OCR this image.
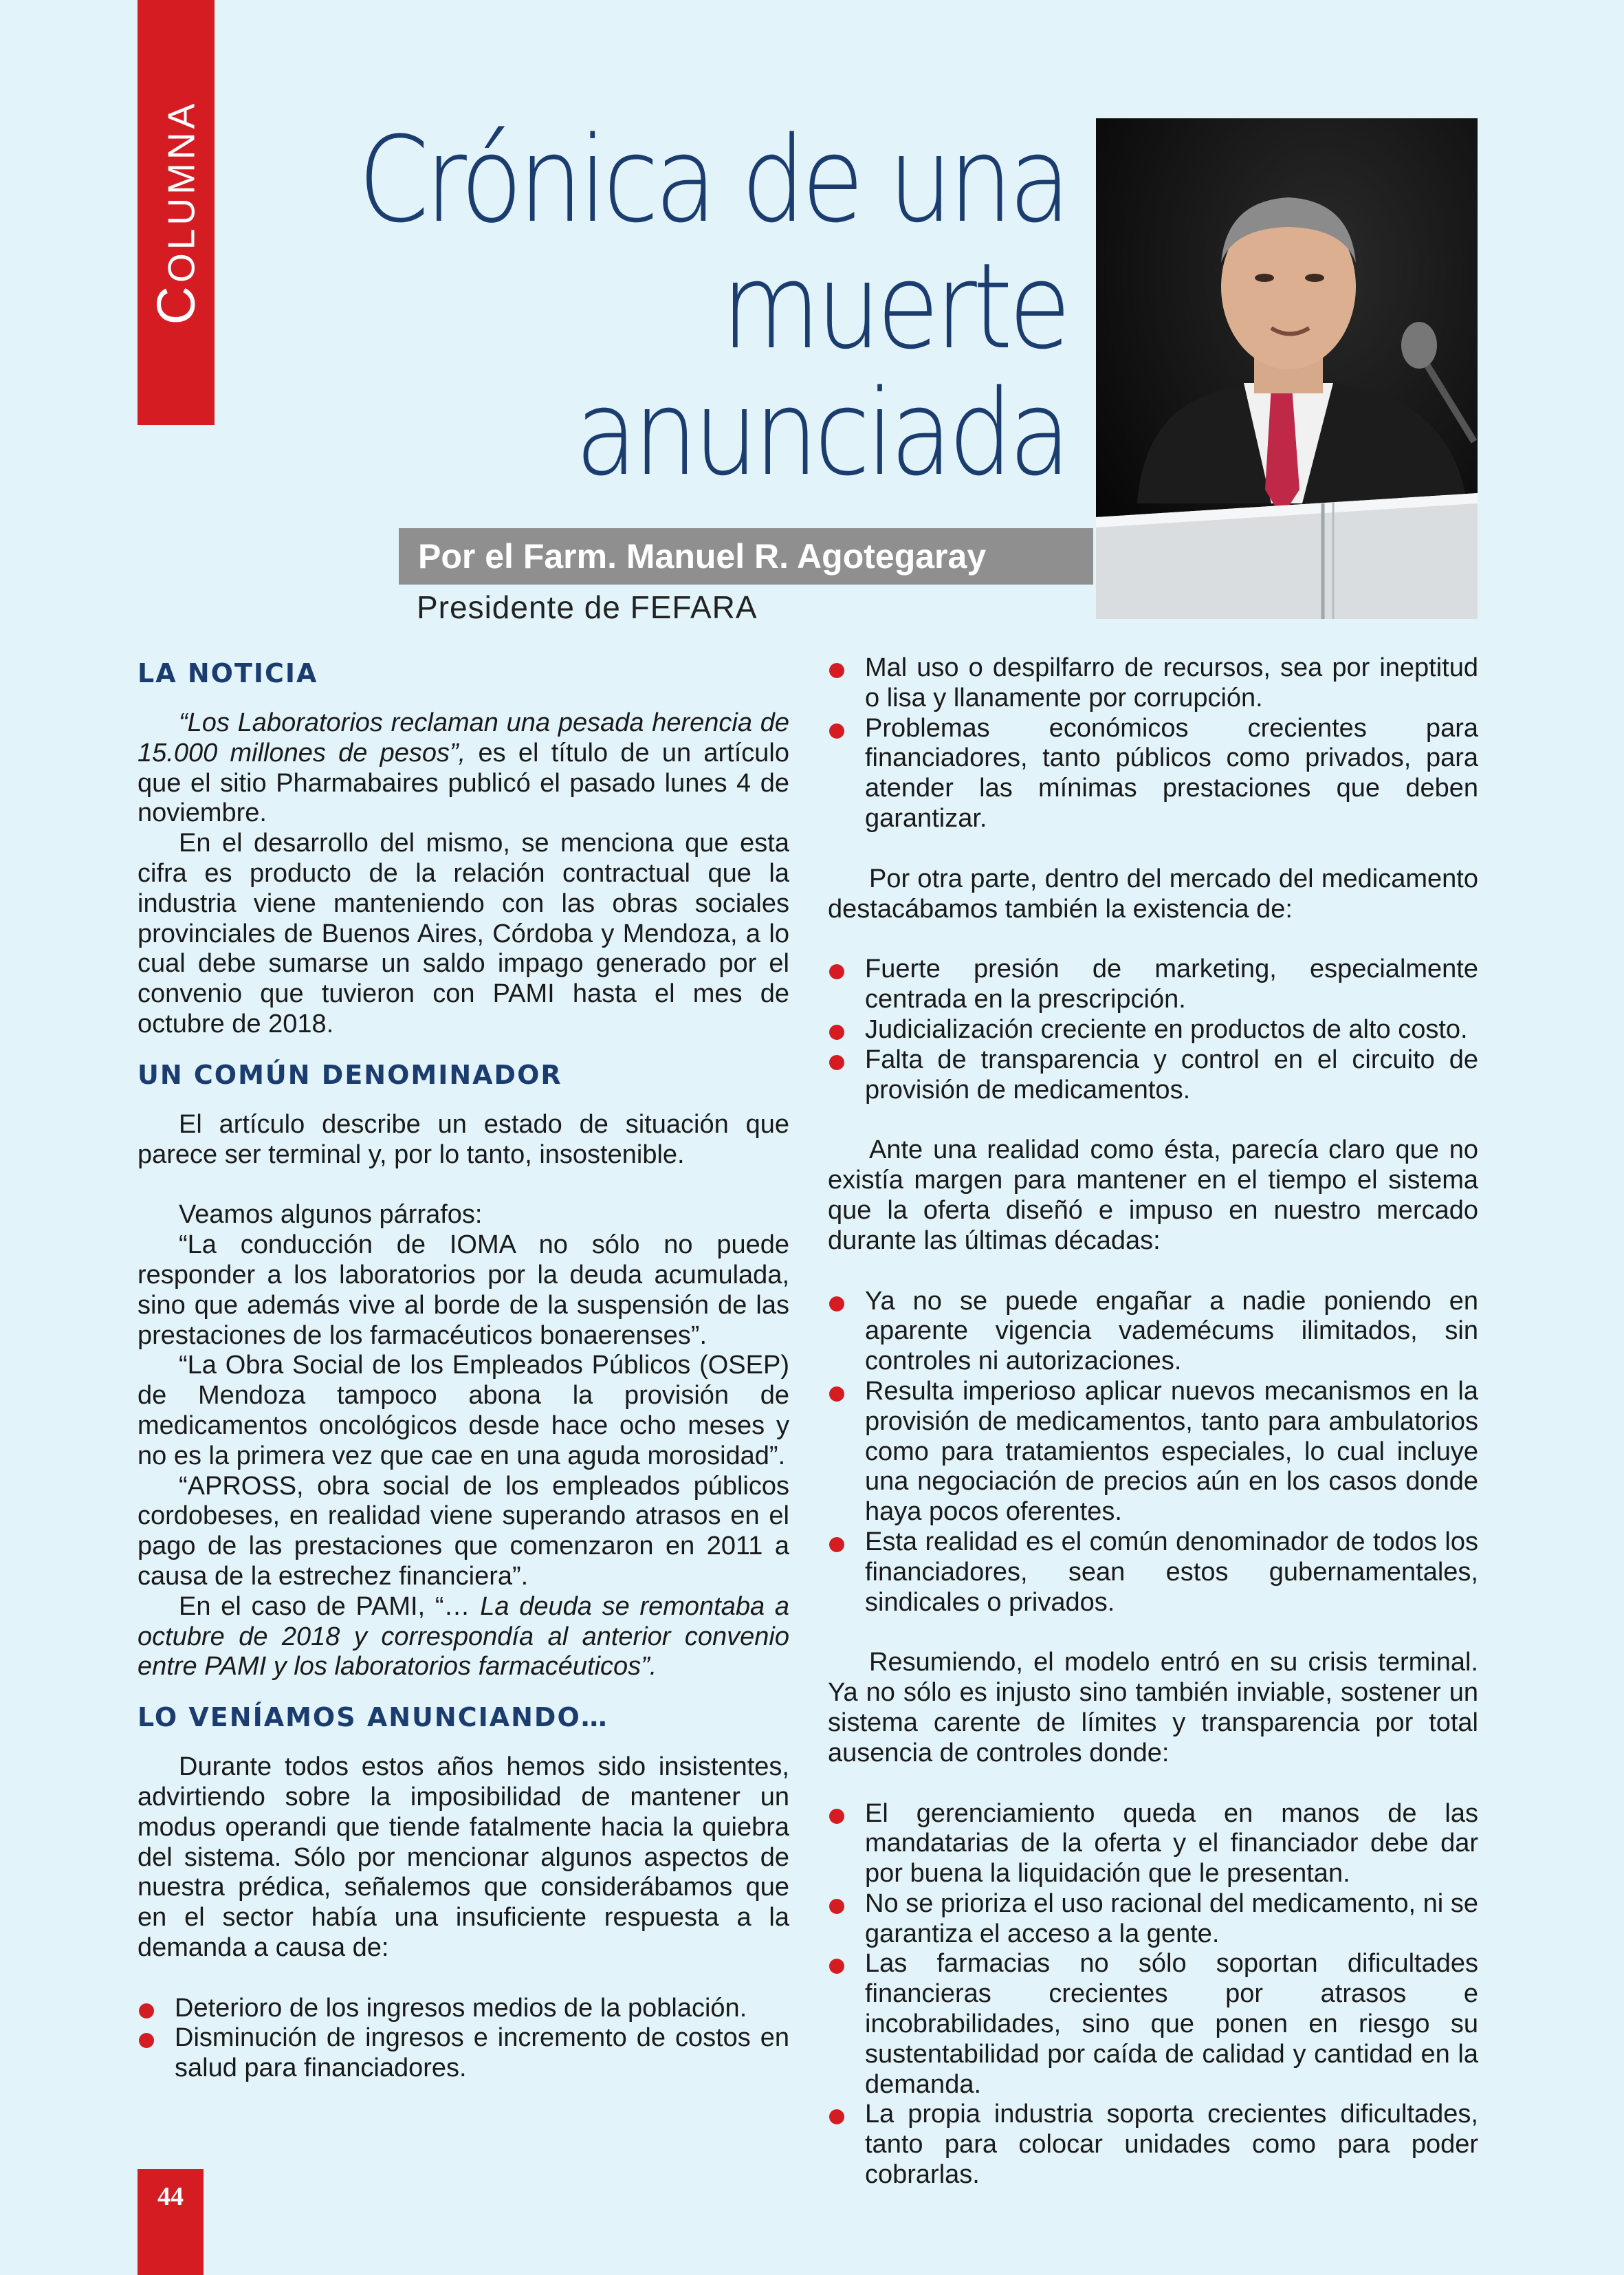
Columna Crónica de una
muerte
anunciada
Por el Farm. Manuel R. Agotegaray
Presidente de FEFARA
LA NOTICIA

“Los Laboratorios reclaman una pesada herencia de 15.000 millones de pesos”, es el título de un artículo que el sitio Pharmabaires publicó el pasado lunes 4 de noviembre.

En el desarrollo del mismo, se menciona que esta cifra es producto de la relación contractual que la industria viene manteniendo con las obras sociales provinciales de Buenos Aires, Córdoba y Mendoza, a lo cual debe sumarse un saldo impago generado por el convenio que tuvieron con PAMI hasta el mes de octubre de 2018.

UN COMÚN DENOMINADOR

El artículo describe un estado de situación que parece ser terminal y, por lo tanto, insostenible.

Veamos algunos párrafos:

“La conducción de IOMA no sólo no puede responder a los laboratorios por la deuda acumulada, sino que además vive al borde de la suspensión de las prestaciones de los farmacéuticos bonaerenses”.

“La Obra Social de los Empleados Públicos (OSEP) de Mendoza tampoco abona la provisión de medicamentos oncológicos desde hace ocho meses y no es la primera vez que cae en una aguda morosidad”.

“APROSS, obra social de los empleados públicos cordobeses, en realidad viene superando atrasos en el pago de las prestaciones que comenzaron en 2011 a causa de la estrechez financiera”.

En el caso de PAMI, “… La deuda se remontaba a octubre de 2018 y correspondía al anterior convenio entre PAMI y los laboratorios farmacéuticos”.

LO VENÍAMOS ANUNCIANDO…

Durante todos estos años hemos sido insistentes, advirtiendo sobre la imposibilidad de mantener un modus operandi que tiende fatalmente hacia la quiebra del sistema. Sólo por mencionar algunos aspectos de nuestra prédica, señalemos que considerábamos que en el sector había una insuficiente respuesta a la demanda a causa de:

Deterioro de los ingresos medios de la población.
Disminución de ingresos e incremento de costos en salud para financiadores.
Mal uso o despilfarro de recursos, sea por ineptitud o lisa y llanamente por corrupción.
Problemas económicos crecientes para financiadores, tanto públicos como privados, para atender las mínimas prestaciones que deben garantizar.

Por otra parte, dentro del mercado del medicamento destacábamos también la existencia de:

Fuerte presión de marketing, especialmente centrada en la prescripción.
Judicialización creciente en productos de alto costo.
Falta de transparencia y control en el circuito de provisión de medicamentos.

Ante una realidad como ésta, parecía claro que no existía margen para mantener en el tiempo el sistema que la oferta diseñó e impuso en nuestro mercado durante las últimas décadas:

Ya no se puede engañar a nadie poniendo en aparente vigencia vademécums ilimitados, sin controles ni autorizaciones.
Resulta imperioso aplicar nuevos mecanismos en la provisión de medicamentos, tanto para ambulatorios como para tratamientos especiales, lo cual incluye una negociación de precios aún en los casos donde haya pocos oferentes.
Esta realidad es el común denominador de todos los financiadores, sean estos gubernamentales, sindicales o privados.

Resumiendo, el modelo entró en su crisis terminal. Ya no sólo es injusto sino también inviable, sostener un sistema carente de límites y transparencia por total ausencia de controles donde:

El gerenciamiento queda en manos de las mandatarias de la oferta y el financiador debe dar por buena la liquidación que le presentan.
No se prioriza el uso racional del medicamento, ni se garantiza el acceso a la gente.
Las farmacias no sólo soportan dificultades financieras crecientes por atrasos e incobrabilidades, sino que ponen en riesgo su sustentabilidad por caída de calidad y cantidad en la demanda.
La propia industria soporta crecientes dificultades, tanto para colocar unidades como para poder cobrarlas.
44
